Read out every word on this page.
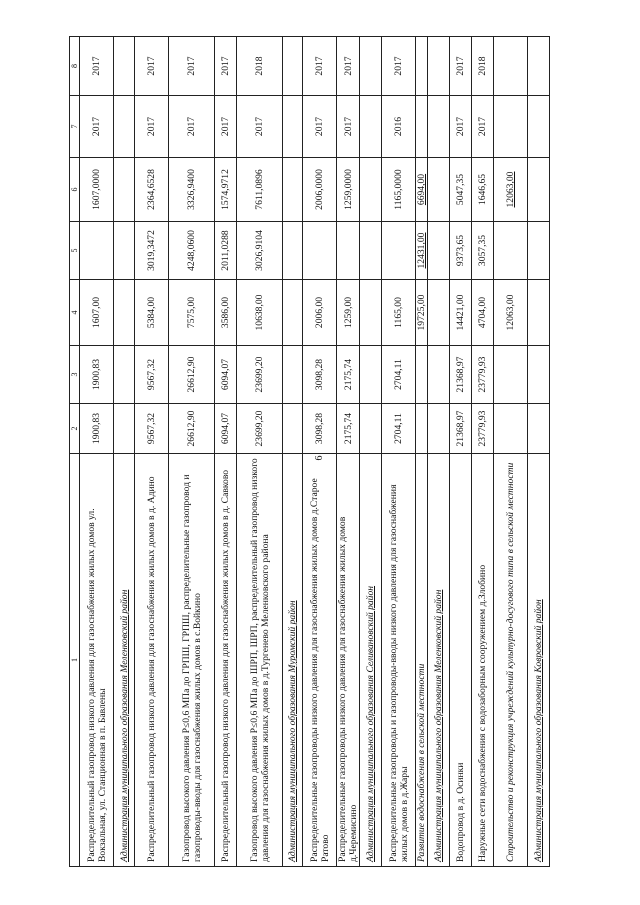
6
1	2	3	4	5	6	7	8
Распределительный газопровод низкого давления для газоснабжения жилых домов ул. Вокзальная, ул. Станционная в п. Бавлены	1900,83	1900,83	1607,00		1607,0000	2017	2017
Администрация муниципального образования Меленковский район							
Распределительный газопровод низкого давления для газоснабжения жилых домов в д. Адино	9567,32	9567,32	5384,00	3019,3472	2364,6528	2017	2017
Газопровод высокого давления Р≤0,6 МПа до ГРПШ, ГРПШ, распределительные газопровод и газопроводы-вводы для газоснабжения жилых домов в с.Войкино	26612,90	26612,90	7575,00	4248,0600	3326,9400	2017	2017
Распределительный газопровод низкого давления для газоснабжения жилых домов в д. Савково	6094,07	6094,07	3586,00	2011,0288	1574,9712	2017	2017
Газопровод высокого давления Р≤0,6 МПа до ШРП, ШРП, распределительный газопровод низкого давления для газоснабжения жилых домов в д.Тургенево Меленковского района	23699,20	23699,20	10638,00	3026,9104	7611,0896	2017	2018
Администрация муниципального образования Муромский район							
Распределительные газопроводы низкого давления для газоснабжения жилых домов д.Старое Ратово	3098,28	3098,28	2006,00		2006,0000	2017	2017
Распределительные газопроводы низкого давления для газоснабжения жилых домов д.Черемисино	2175,74	2175,74	1259,00		1259,0000	2017	2017
Администрация муниципального образования Селивановский район							
Распределительные газопроводы и газопроводы-вводы низкого давления для газоснабжения жилых домов в д.Жары	2704,11	2704,11	1165,00		1165,0000	2016	2017
Развитие водоснабжения в сельской местности			19725,00	12431,00	6694,00		
Администрация муниципального образования Меленковский район							
Водопровод в д. Осинки	21368,97	21368,97	14421,00	9373,65	5047,35	2017	2017
Наружные сети водоснабжения с водозаборным сооружением д.Злобино	23779,93	23779,93	4704,00	3057,35	1646,65	2017	2018
Строительство и реконструкция учреждений культурно-досугового типа в сельской местности			12063,00		12063,00		
Администрация муниципального образования Ковровский район							
